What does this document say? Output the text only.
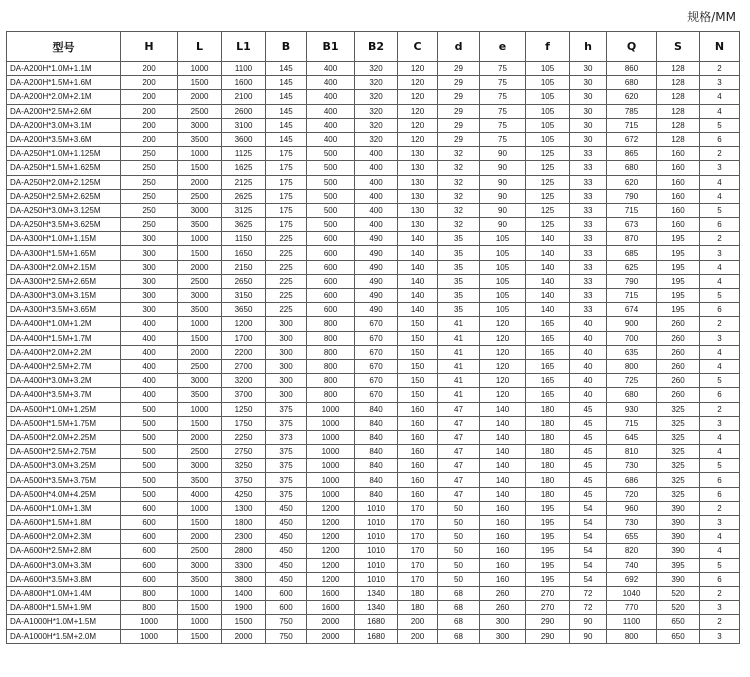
规格/MM
型号	H	L	L1	B	B1	B2	C	d	e	f	h	Q	S	N
DA-A200H*1.0M+1.1M	200	1000	1100	145	400	320	120	29	75	105	30	860	128	2
DA-A200H*1.5M+1.6M	200	1500	1600	145	400	320	120	29	75	105	30	680	128	3
DA-A200H*2.0M+2.1M	200	2000	2100	145	400	320	120	29	75	105	30	620	128	4
DA-A200H*2.5M+2.6M	200	2500	2600	145	400	320	120	29	75	105	30	785	128	4
DA-A200H*3.0M+3.1M	200	3000	3100	145	400	320	120	29	75	105	30	715	128	5
DA-A200H*3.5M+3.6M	200	3500	3600	145	400	320	120	29	75	105	30	672	128	6
DA-A250H*1.0M+1.125M	250	1000	1125	175	500	400	130	32	90	125	33	865	160	2
DA-A250H*1.5M+1.625M	250	1500	1625	175	500	400	130	32	90	125	33	680	160	3
DA-A250H*2.0M+2.125M	250	2000	2125	175	500	400	130	32	90	125	33	620	160	4
DA-A250H*2.5M+2.625M	250	2500	2625	175	500	400	130	32	90	125	33	790	160	4
DA-A250H*3.0M+3.125M	250	3000	3125	175	500	400	130	32	90	125	33	715	160	5
DA-A250H*3.5M+3.625M	250	3500	3625	175	500	400	130	32	90	125	33	673	160	6
DA-A300H*1.0M+1.15M	300	1000	1150	225	600	490	140	35	105	140	33	870	195	2
DA-A300H*1.5M+1.65M	300	1500	1650	225	600	490	140	35	105	140	33	685	195	3
DA-A300H*2.0M+2.15M	300	2000	2150	225	600	490	140	35	105	140	33	625	195	4
DA-A300H*2.5M+2.65M	300	2500	2650	225	600	490	140	35	105	140	33	790	195	4
DA-A300H*3.0M+3.15M	300	3000	3150	225	600	490	140	35	105	140	33	715	195	5
DA-A300H*3.5M+3.65M	300	3500	3650	225	600	490	140	35	105	140	33	674	195	6
DA-A400H*1.0M+1.2M	400	1000	1200	300	800	670	150	41	120	165	40	900	260	2
DA-A400H*1.5M+1.7M	400	1500	1700	300	800	670	150	41	120	165	40	700	260	3
DA-A400H*2.0M+2.2M	400	2000	2200	300	800	670	150	41	120	165	40	635	260	4
DA-A400H*2.5M+2.7M	400	2500	2700	300	800	670	150	41	120	165	40	800	260	4
DA-A400H*3.0M+3.2M	400	3000	3200	300	800	670	150	41	120	165	40	725	260	5
DA-A400H*3.5M+3.7M	400	3500	3700	300	800	670	150	41	120	165	40	680	260	6
DA-A500H*1.0M+1.25M	500	1000	1250	375	1000	840	160	47	140	180	45	930	325	2
DA-A500H*1.5M+1.75M	500	1500	1750	375	1000	840	160	47	140	180	45	715	325	3
DA-A500H*2.0M+2.25M	500	2000	2250	373	1000	840	160	47	140	180	45	645	325	4
DA-A500H*2.5M+2.75M	500	2500	2750	375	1000	840	160	47	140	180	45	810	325	4
DA-A500H*3.0M+3.25M	500	3000	3250	375	1000	840	160	47	140	180	45	730	325	5
DA-A500H*3.5M+3.75M	500	3500	3750	375	1000	840	160	47	140	180	45	686	325	6
DA-A500H*4.0M+4.25M	500	4000	4250	375	1000	840	160	47	140	180	45	720	325	6
DA-A600H*1.0M+1.3M	600	1000	1300	450	1200	1010	170	50	160	195	54	960	390	2
DA-A600H*1.5M+1.8M	600	1500	1800	450	1200	1010	170	50	160	195	54	730	390	3
DA-A600H*2.0M+2.3M	600	2000	2300	450	1200	1010	170	50	160	195	54	655	390	4
DA-A600H*2.5M+2.8M	600	2500	2800	450	1200	1010	170	50	160	195	54	820	390	4
DA-A600H*3.0M+3.3M	600	3000	3300	450	1200	1010	170	50	160	195	54	740	395	5
DA-A600H*3.5M+3.8M	600	3500	3800	450	1200	1010	170	50	160	195	54	692	390	6
DA-A800H*1.0M+1.4M	800	1000	1400	600	1600	1340	180	68	260	270	72	1040	520	2
DA-A800H*1.5M+1.9M	800	1500	1900	600	1600	1340	180	68	260	270	72	770	520	3
DA-A1000H*1.0M+1.5M	1000	1000	1500	750	2000	1680	200	68	300	290	90	1100	650	2
DA-A1000H*1.5M+2.0M	1000	1500	2000	750	2000	1680	200	68	300	290	90	800	650	3
